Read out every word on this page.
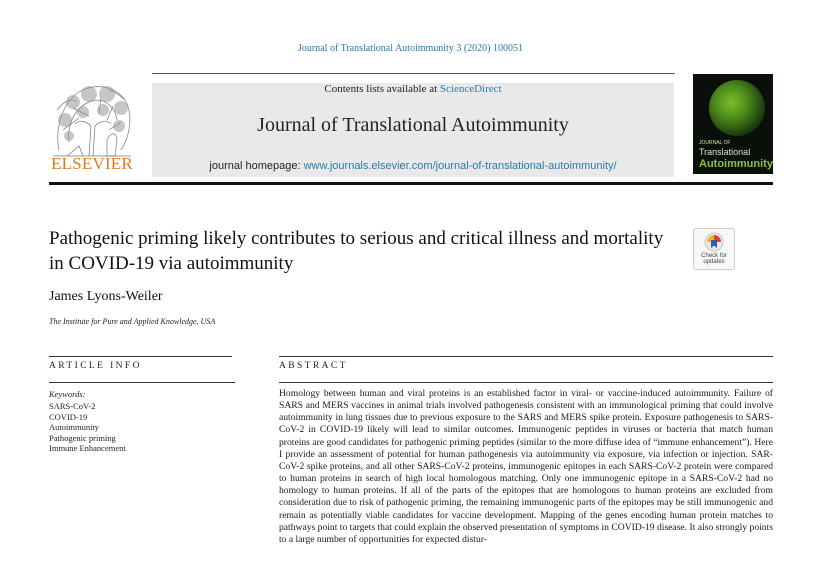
Journal of Translational Autoimmunity 3 (2020) 100051
ELSEVIER
Contents lists available at ScienceDirect
Journal of Translational Autoimmunity
journal homepage: www.journals.elsevier.com/journal-of-translational-autoimmunity/
JOURNAL OF
Translational
Autoimmunity
Pathogenic priming likely contributes to serious and critical illness and mortality in COVID-19 via autoimmunity	Check for
updates
James Lyons-Weiler
The Institute for Pure and Applied Knowledge, USA
ARTICLE INFO	ABSTRACT
Keywords:
SARS-CoV-2
COVID-19
Autoimmunity
Pathogenic priming
Immune Enhancement
Homology between human and viral proteins is an established factor in viral- or vaccine-induced autoimmunity. Failure of SARS and MERS vaccines in animal trials involved pathogenesis consistent with an immunological priming that could involve autoimmunity in lung tissues due to previous exposure to the SARS and MERS spike protein. Exposure pathogenesis to SARS-CoV-2 in COVID-19 likely will lead to similar outcomes. Immunogenic peptides in viruses or bacteria that match human proteins are good candidates for pathogenic priming peptides (similar to the more diffuse idea of “immune enhancement”). Here I provide an assessment of potential for human pathogenesis via autoimmunity via exposure, via infection or injection. SAR-CoV-2 spike proteins, and all other SARS-CoV-2 proteins, immunogenic epitopes in each SARS-CoV-2 protein were compared to human proteins in search of high local homologous matching. Only one immunogenic epitope in a SARS-CoV-2 had no homology to human proteins. If all of the parts of the epitopes that are homologous to human proteins are excluded from consideration due to risk of pathogenic priming, the remaining immunogenic parts of the epitopes may be still immunogenic and remain as potentially viable candidates for vaccine development. Mapping of the genes encoding human protein matches to pathways point to targets that could explain the observed presentation of symptoms in COVID-19 disease. It also strongly points to a large number of opportunities for expected distur-
